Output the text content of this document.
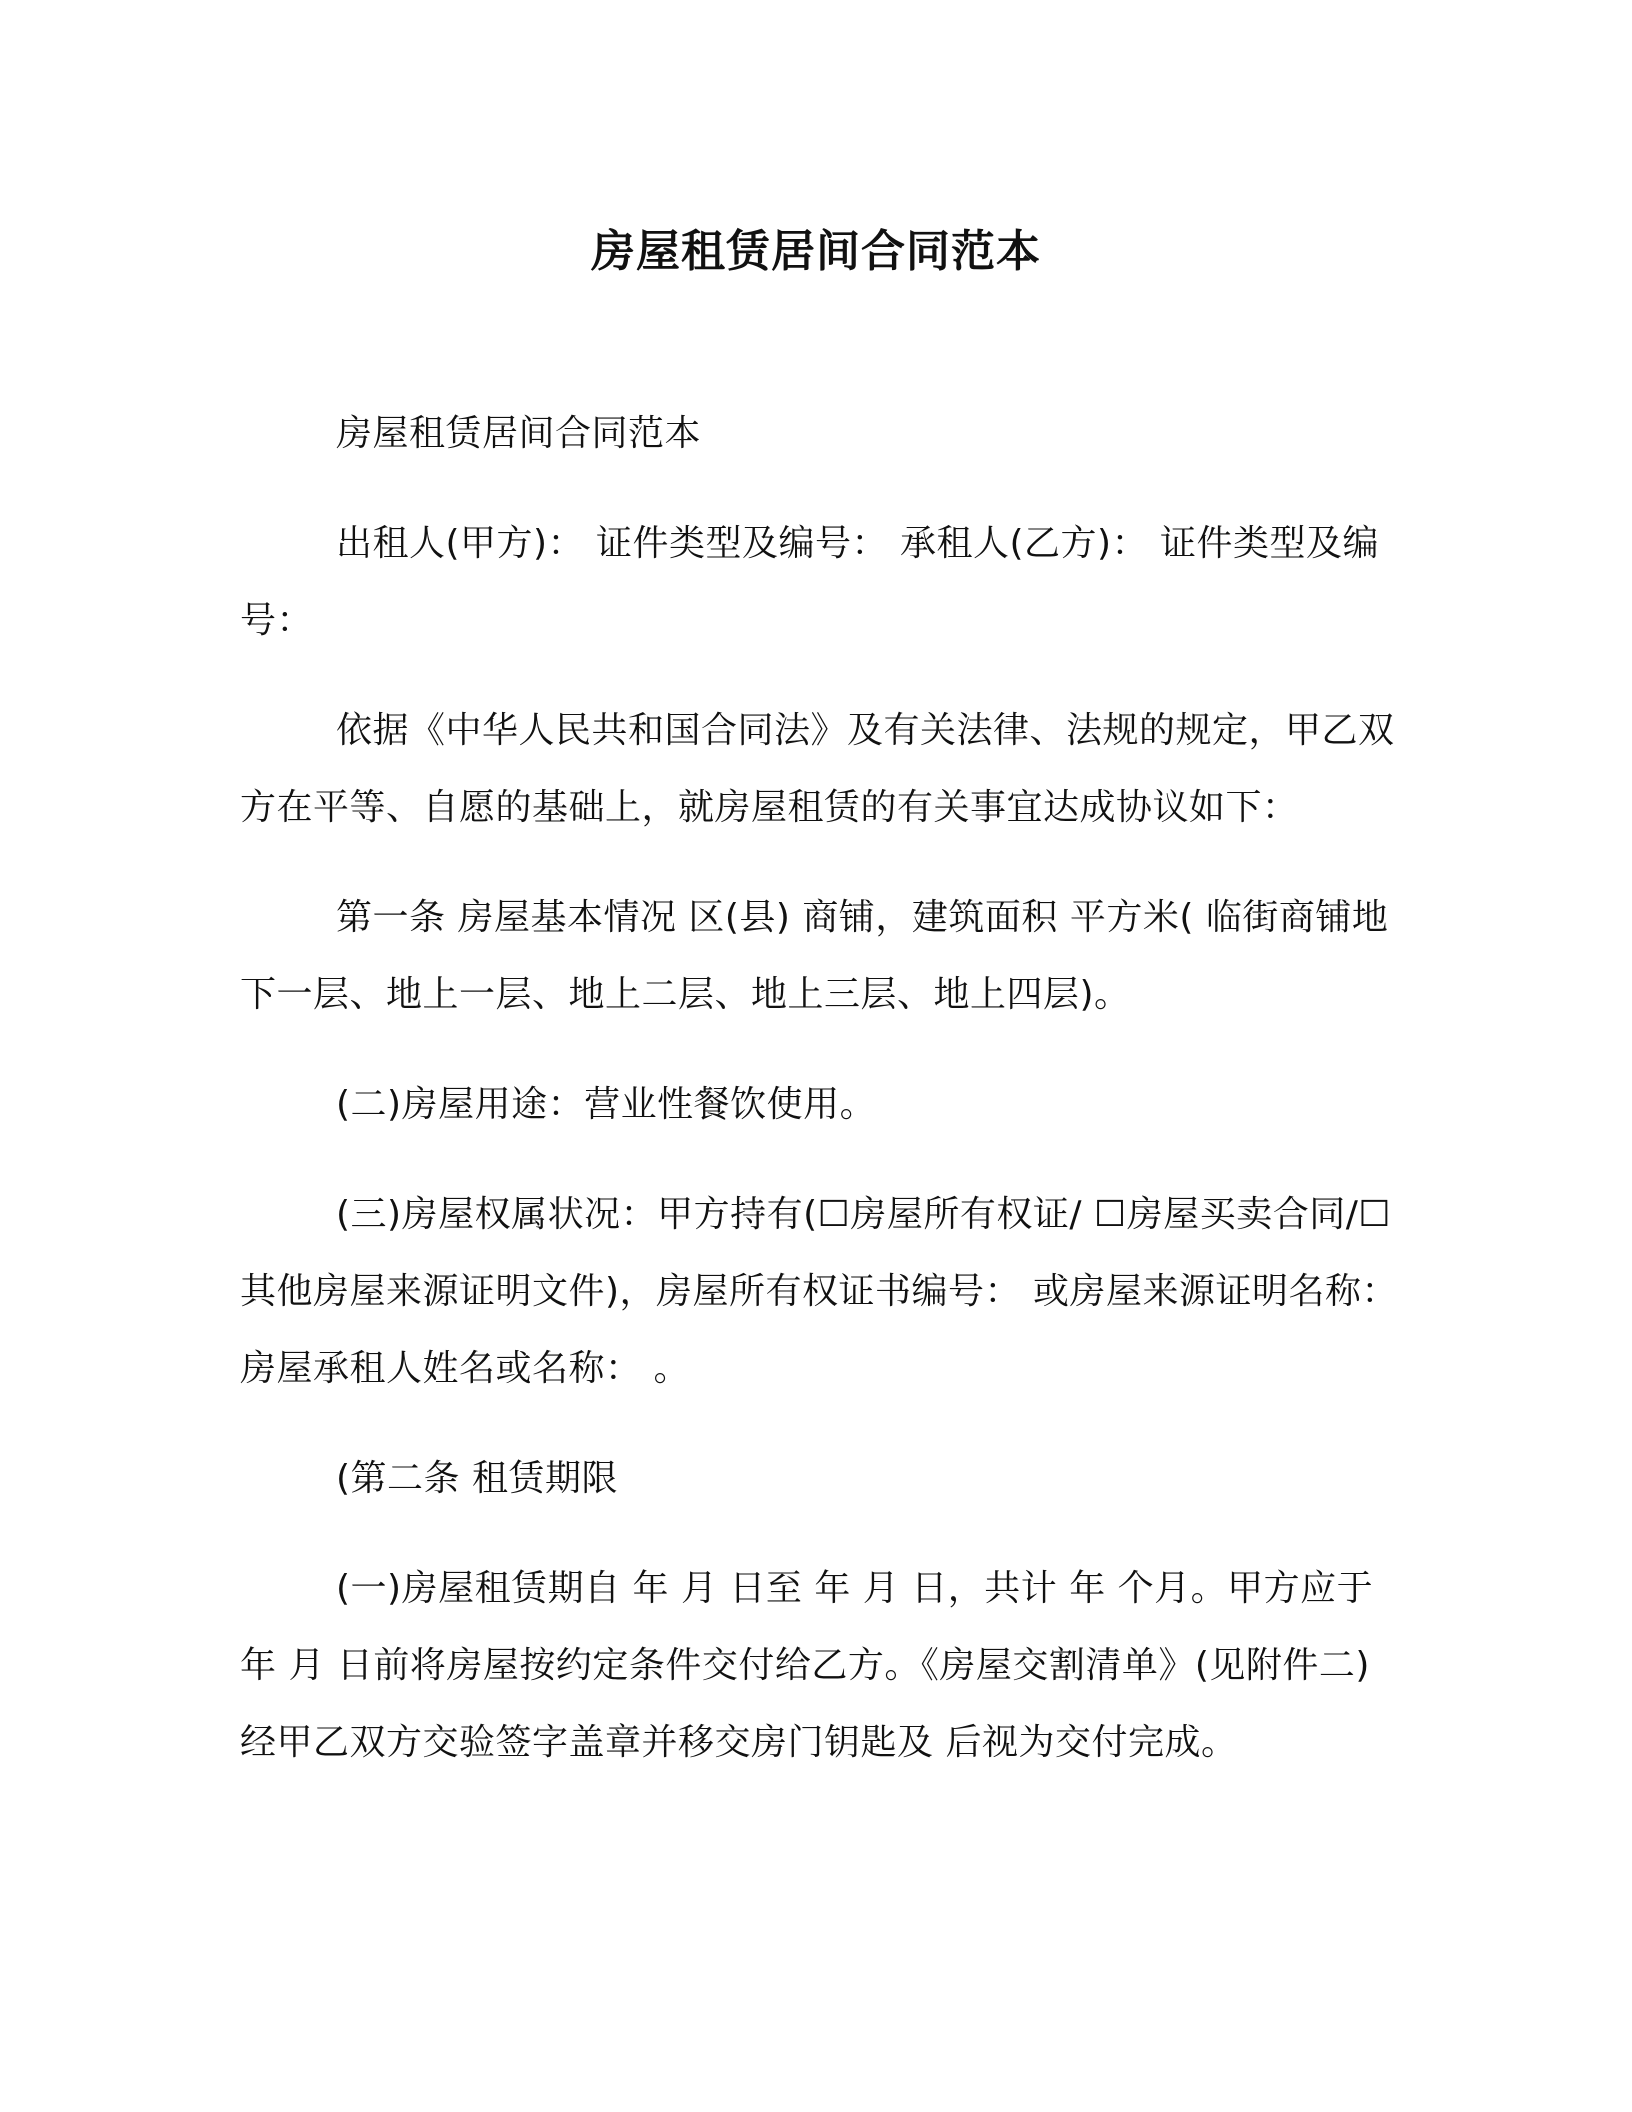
房屋租赁居间合同范本

房屋租赁居间合同范本

出租人(甲方)： 证件类型及编号： 承租人(乙方)： 证件类型及编号：

依据《中华人民共和国合同法》及有关法律、法规的规定，甲乙双方在平等、自愿的基础上，就房屋租赁的有关事宜达成协议如下：

第一条 房屋基本情况 区(县) 商铺，建筑面积 平方米( 临街商铺地下一层、地上一层、地上二层、地上三层、地上四层)。

(二)房屋用途：营业性餐饮使用。

(三)房屋权属状况：甲方持有(☐房屋所有权证/ ☐房屋买卖合同/☐其他房屋来源证明文件)，房屋所有权证书编号： 或房屋来源证明名称： 房屋承租人姓名或名称： 。

(第二条 租赁期限

(一)房屋租赁期自 年 月 日至 年 月 日，共计 年 个月。甲方应于 年 月 日前将房屋按约定条件交付给乙方。《房屋交割清单》(见附件二)经甲乙双方交验签字盖章并移交房门钥匙及 后视为交付完成。
